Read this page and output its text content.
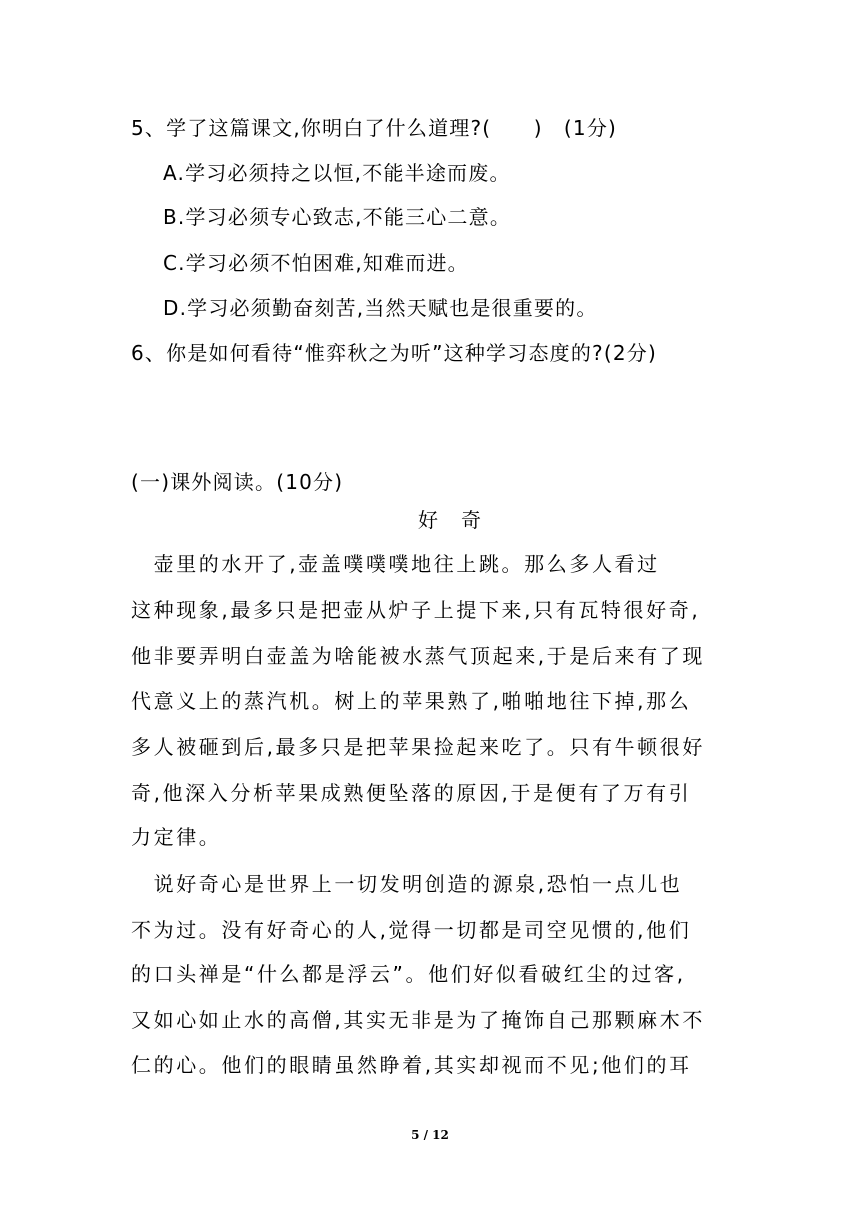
5、学了这篇课文,你明白了什么道理?(　　)　(1分)
A.学习必须持之以恒,不能半途而废。
B.学习必须专心致志,不能三心二意。
C.学习必须不怕困难,知难而进。
D.学习必须勤奋刻苦,当然天赋也是很重要的。
6、你是如何看待“惟弈秋之为听”这种学习态度的?(2分)
(一)课外阅读。(10分)
好 奇
　壶里的水开了,壶盖噗噗噗地往上跳。那么多人看过
这种现象,最多只是把壶从炉子上提下来,只有瓦特很好奇,
他非要弄明白壶盖为啥能被水蒸气顶起来,于是后来有了现
代意义上的蒸汽机。树上的苹果熟了,啪啪地往下掉,那么
多人被砸到后,最多只是把苹果捡起来吃了。只有牛顿很好
奇,他深入分析苹果成熟便坠落的原因,于是便有了万有引
力定律。
　说好奇心是世界上一切发明创造的源泉,恐怕一点儿也
不为过。没有好奇心的人,觉得一切都是司空见惯的,他们
的口头禅是“什么都是浮云”。他们好似看破红尘的过客,
又如心如止水的高僧,其实无非是为了掩饰自己那颗麻木不
仁的心。他们的眼睛虽然睁着,其实却视而不见;他们的耳
5 / 12
